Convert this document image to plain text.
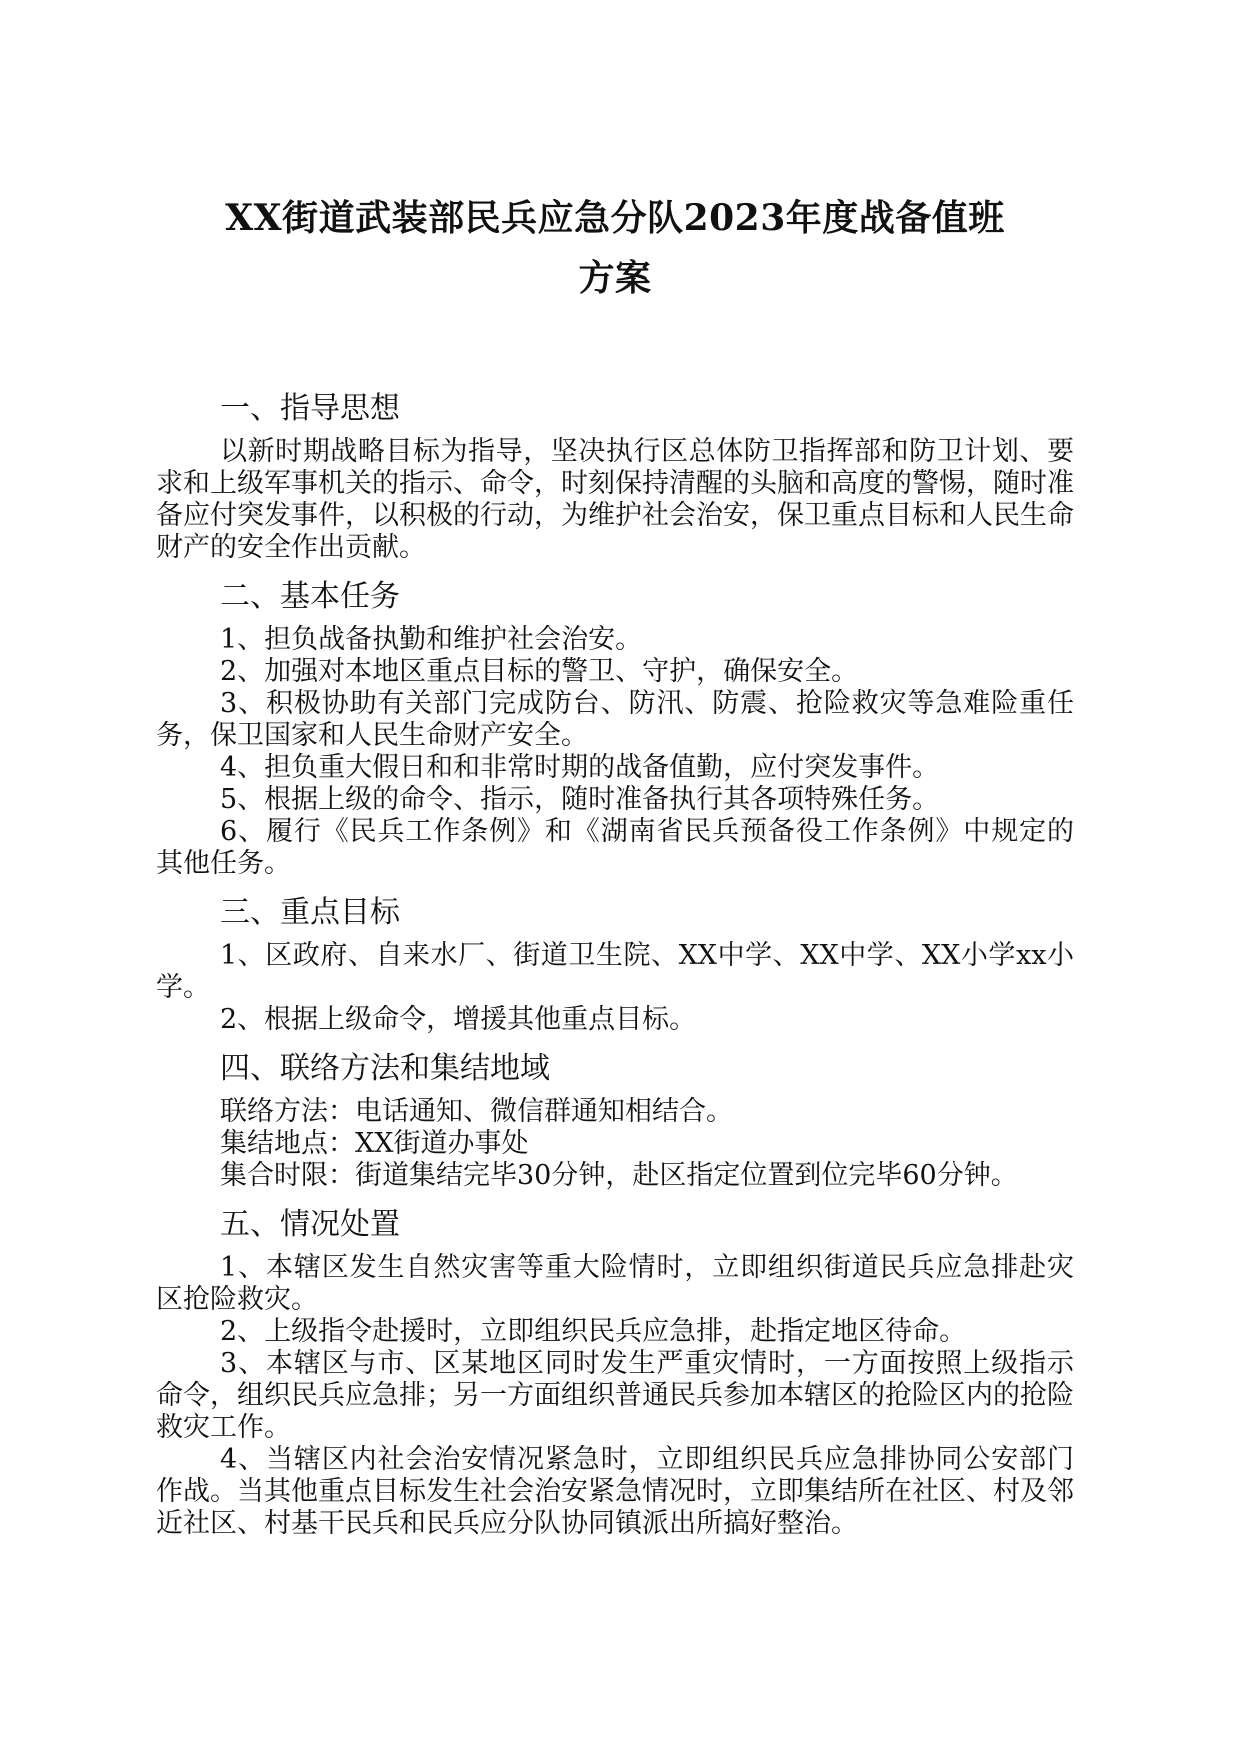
XX街道武装部民兵应急分队2023年度战备值班
方案

一、指导思想

以新时期战略目标为指导，坚决执行区总体防卫指挥部和防卫计划、要求和上级军事机关的指示、命令，时刻保持清醒的头脑和高度的警惕，随时准备应付突发事件，以积极的行动，为维护社会治安，保卫重点目标和人民生命财产的安全作出贡献。

二、基本任务

1、担负战备执勤和维护社会治安。

2、加强对本地区重点目标的警卫、守护，确保安全。

3、积极协助有关部门完成防台、防汛、防震、抢险救灾等急难险重任务，保卫国家和人民生命财产安全。

4、担负重大假日和和非常时期的战备值勤，应付突发事件。

5、根据上级的命令、指示，随时准备执行其各项特殊任务。

6、履行《民兵工作条例》和《湖南省民兵预备役工作条例》中规定的其他任务。

三、重点目标

1、区政府、自来水厂、街道卫生院、XX中学、XX中学、XX小学xx小学。

2、根据上级命令，增援其他重点目标。

四、联络方法和集结地域

联络方法：电话通知、微信群通知相结合。

集结地点：XX街道办事处

集合时限：街道集结完毕30分钟，赴区指定位置到位完毕60分钟。

五、情况处置

1、本辖区发生自然灾害等重大险情时，立即组织街道民兵应急排赴灾区抢险救灾。

2、上级指令赴援时，立即组织民兵应急排，赴指定地区待命。

3、本辖区与市、区某地区同时发生严重灾情时，一方面按照上级指示命令，组织民兵应急排；另一方面组织普通民兵参加本辖区的抢险区内的抢险救灾工作。

4、当辖区内社会治安情况紧急时，立即组织民兵应急排协同公安部门作战。当其他重点目标发生社会治安紧急情况时，立即集结所在社区、村及邻近社区、村基干民兵和民兵应分队协同镇派出所搞好整治。
